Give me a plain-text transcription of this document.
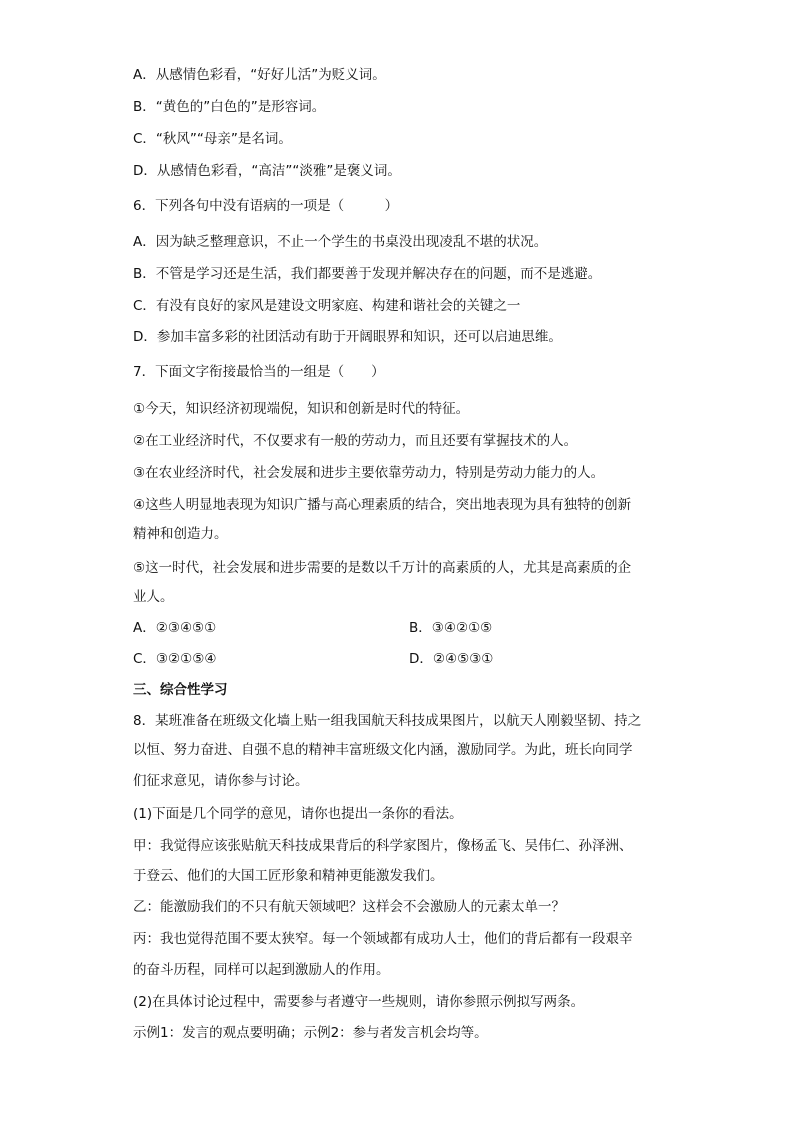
A．从感情色彩看，“好好儿活”为贬义词。
B．“黄色的”白色的”是形容词。
C．“秋风”“母亲”是名词。
D．从感情色彩看，“高洁”“淡雅”是褒义词。
6．下列各句中没有语病的一项是（　　　）
A．因为缺乏整理意识，不止一个学生的书桌没出现凌乱不堪的状况。
B．不管是学习还是生活，我们都要善于发现并解决存在的问题，而不是逃避。
C．有没有良好的家风是建设文明家庭、构建和谐社会的关键之一
D．参加丰富多彩的社团活动有助于开阔眼界和知识，还可以启迪思维。
7．下面文字衔接最恰当的一组是（　　）
①今天，知识经济初现端倪，知识和创新是时代的特征。
②在工业经济时代，不仅要求有一般的劳动力，而且还要有掌握技术的人。
③在农业经济时代，社会发展和进步主要依靠劳动力，特别是劳动力能力的人。
④这些人明显地表现为知识广播与高心理素质的结合，突出地表现为具有独特的创新
精神和创造力。
⑤这一时代，社会发展和进步需要的是数以千万计的高素质的人，尤其是高素质的企
业人。
A．②③④⑤①	B．③④②①⑤
C．③②①⑤④	D．②④⑤③①
三、综合性学习
8．某班准备在班级文化墙上贴一组我国航天科技成果图片，以航天人刚毅坚韧、持之
以恒、努力奋进、自强不息的精神丰富班级文化内涵，激励同学。为此，班长向同学
们征求意见，请你参与讨论。
(1)下面是几个同学的意见，请你也提出一条你的看法。
甲：我觉得应该张贴航天科技成果背后的科学家图片，像杨孟飞、吴伟仁、孙泽洲、
于登云、他们的大国工匠形象和精神更能激发我们。
乙：能激励我们的不只有航天领域吧？这样会不会激励人的元素太单一？
丙：我也觉得范围不要太狭窄。每一个领域都有成功人士，他们的背后都有一段艰辛
的奋斗历程，同样可以起到激励人的作用。
(2)在具体讨论过程中，需要参与者遵守一些规则，请你参照示例拟写两条。
示例1：发言的观点要明确；示例2：参与者发言机会均等。
